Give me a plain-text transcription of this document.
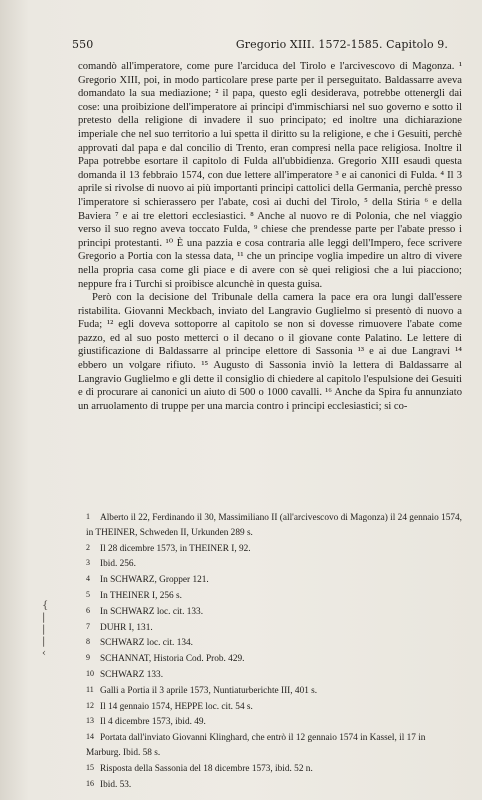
550	Gregorio XIII. 1572-1585. Capitolo 9.

comandò all'imperatore, come pure l'arciduca del Tirolo e l'arcivescovo di Magonza. ¹ Gregorio XIII, poi, in modo particolare prese parte per il perseguitato. Baldassarre aveva domandato la sua mediazione; ² il papa, questo egli desiderava, potrebbe ottenergli dai cose: una proibizione dell'imperatore ai principi d'immischiarsi nel suo governo e sotto il pretesto della religione di invadere il suo principato; ed inoltre una dichiarazione imperiale che nel suo territorio a lui spetta il diritto su la religione, e che i Gesuiti, perchè approvati dal papa e dal concilio di Trento, eran compresi nella pace religiosa. Inoltre il Papa potrebbe esortare il capitolo di Fulda all'ubbidienza. Gregorio XIII esaudì questa domanda il 13 febbraio 1574, con due lettere all'imperatore ³ e ai canonici di Fulda. ⁴ Il 3 aprile si rivolse di nuovo ai più importanti principi cattolici della Germania, perchè presso l'imperatore si schierassero per l'abate, così ai duchi del Tirolo, ⁵ della Stiria ⁶ e della Baviera ⁷ e ai tre elettori ecclesiastici. ⁸ Anche al nuovo re di Polonia, che nel viaggio verso il suo regno aveva toccato Fulda, ⁹ chiese che prendesse parte per l'abate presso i principi protestanti. ¹⁰ È una pazzia e cosa contraria alle leggi dell'Impero, fece scrivere Gregorio a Portia con la stessa data, ¹¹ che un principe voglia impedire un altro di vivere nella propria casa come gli piace e di avere con sè quei religiosi che a lui piacciono; neppure fra i Turchi si proibisce alcunchè in questa guisa.

Però con la decisione del Tribunale della camera la pace era ora lungi dall'essere ristabilita. Giovanni Meckbach, inviato del Langravio Guglielmo si presentò di nuovo a Fuda; ¹² egli doveva sottoporre al capitolo se non si dovesse rimuovere l'abate come pazzo, ed al suo posto metterci o il decano o il giovane conte Palatino. Le lettere di giustificazione di Baldassarre al principe elettore di Sassonia ¹³ e ai due Langravi ¹⁴ ebbero un volgare rifiuto. ¹⁵ Augusto di Sassonia inviò la lettera di Baldassarre al Langravio Guglielmo e gli dette il consiglio di chiedere al capitolo l'espulsione dei Gesuiti e di procurare ai canonici un aiuto di 500 o 1000 cavalli. ¹⁶ Anche da Spira fu annunziato un arruolamento di truppe per una marcia contro i principi ecclesiastici; si co-

{
|
|
|
‹
1 Alberto il 22, Ferdinando il 30, Massimiliano II (all'arcivescovo di Magonza) il 24 gennaio 1574, in THEINER, Schweden II, Urkunden 289 s.
2 Il 28 dicembre 1573, in THEINER I, 92.
3 Ibid. 256.
4 In SCHWARZ, Gropper 121.
5 In THEINER I, 256 s.
6 In SCHWARZ loc. cit. 133.
7 DUHR I, 131.
8 SCHWARZ loc. cit. 134.
9 SCHANNAT, Historia Cod. Prob. 429.
10 SCHWARZ 133.
11 Galli a Portia il 3 aprile 1573, Nuntiaturberichte III, 401 s.
12 Il 14 gennaio 1574, HEPPE loc. cit. 54 s.
13 Il 4 dicembre 1573, ibid. 49.
14 Portata dall'inviato Giovanni Klinghard, che entrò il 12 gennaio 1574 in Kassel, il 17 in Marburg. Ibid. 58 s.
15 Risposta della Sassonia del 18 dicembre 1573, ibid. 52 n.
16 Ibid. 53.
